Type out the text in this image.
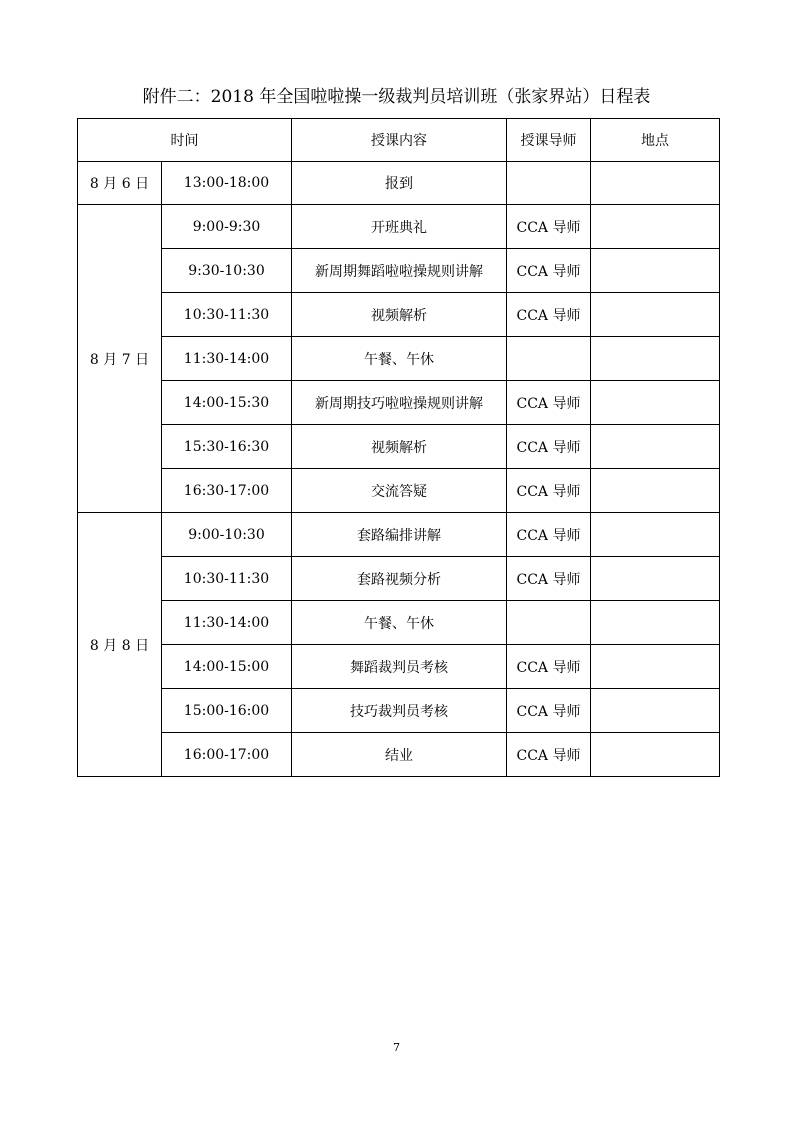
附件二：2018 年全国啦啦操一级裁判员培训班（张家界站）日程表
时间		授课内容	授课导师	地点
8 月 6 日	13:00-18:00	报到		
8 月 7 日	9:00-9:30	开班典礼	CCA 导师	
	9:30-10:30	新周期舞蹈啦啦操规则讲解	CCA 导师	
	10:30-11:30	视频解析	CCA 导师	
	11:30-14:00	午餐、午休		
	14:00-15:30	新周期技巧啦啦操规则讲解	CCA 导师	
	15:30-16:30	视频解析	CCA 导师	
	16:30-17:00	交流答疑	CCA 导师	
8 月 8 日	9:00-10:30	套路编排讲解	CCA 导师	
	10:30-11:30	套路视频分析	CCA 导师	
	11:30-14:00	午餐、午休		
	14:00-15:00	舞蹈裁判员考核	CCA 导师	
	15:00-16:00	技巧裁判员考核	CCA 导师	
	16:00-17:00	结业	CCA 导师	
7
